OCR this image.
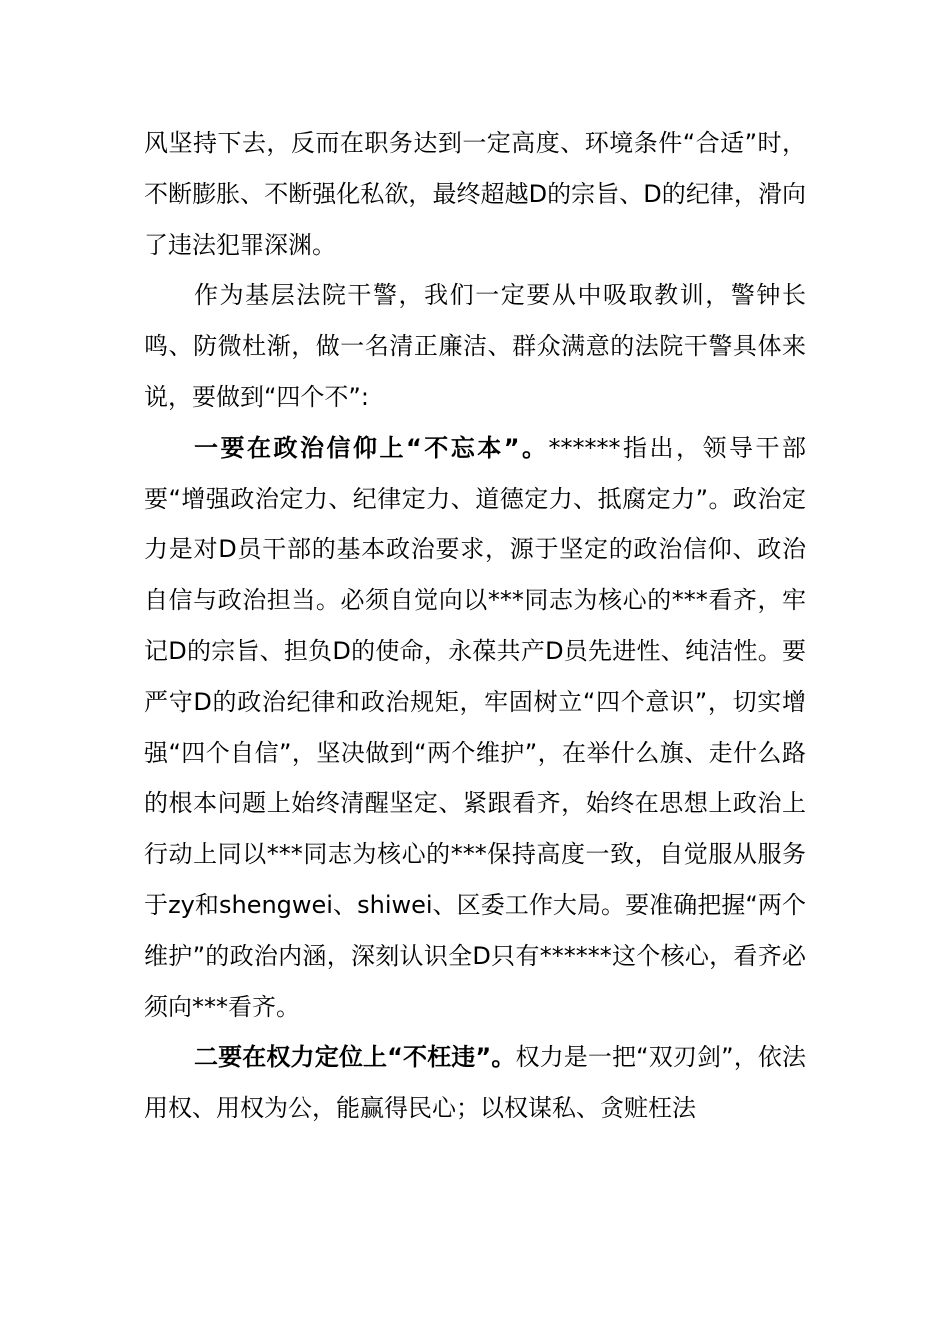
风坚持下去，反而在职务达到一定高度、环境条件“合适”时，不断膨胀、不断强化私欲，最终超越D的宗旨、D的纪律，滑向了违法犯罪深渊。

作为基层法院干警，我们一定要从中吸取教训，警钟长鸣、防微杜渐，做一名清正廉洁、群众满意的法院干警具体来说，要做到“四个不”:

一要在政治信仰上“不忘本”。******指出，领导干部要“增强政治定力、纪律定力、道德定力、抵腐定力”。政治定力是对D员干部的基本政治要求，源于坚定的政治信仰、政治自信与政治担当。必须自觉向以***同志为核心的***看齐，牢记D的宗旨、担负D的使命，永葆共产D员先进性、纯洁性。要严守D的政治纪律和政治规矩，牢固树立“四个意识”，切实增强“四个自信”，坚决做到“两个维护”，在举什么旗、走什么路的根本问题上始终清醒坚定、紧跟看齐，始终在思想上政治上行动上同以***同志为核心的***保持高度一致，自觉服从服务于zy和shengwei、shiwei、区委工作大局。要准确把握“两个维护”的政治内涵，深刻认识全D只有******这个核心，看齐必须向***看齐。

二要在权力定位上“不枉违”。权力是一把“双刃剑”，依法用权、用权为公，能赢得民心；以权谋私、贪赃枉法
